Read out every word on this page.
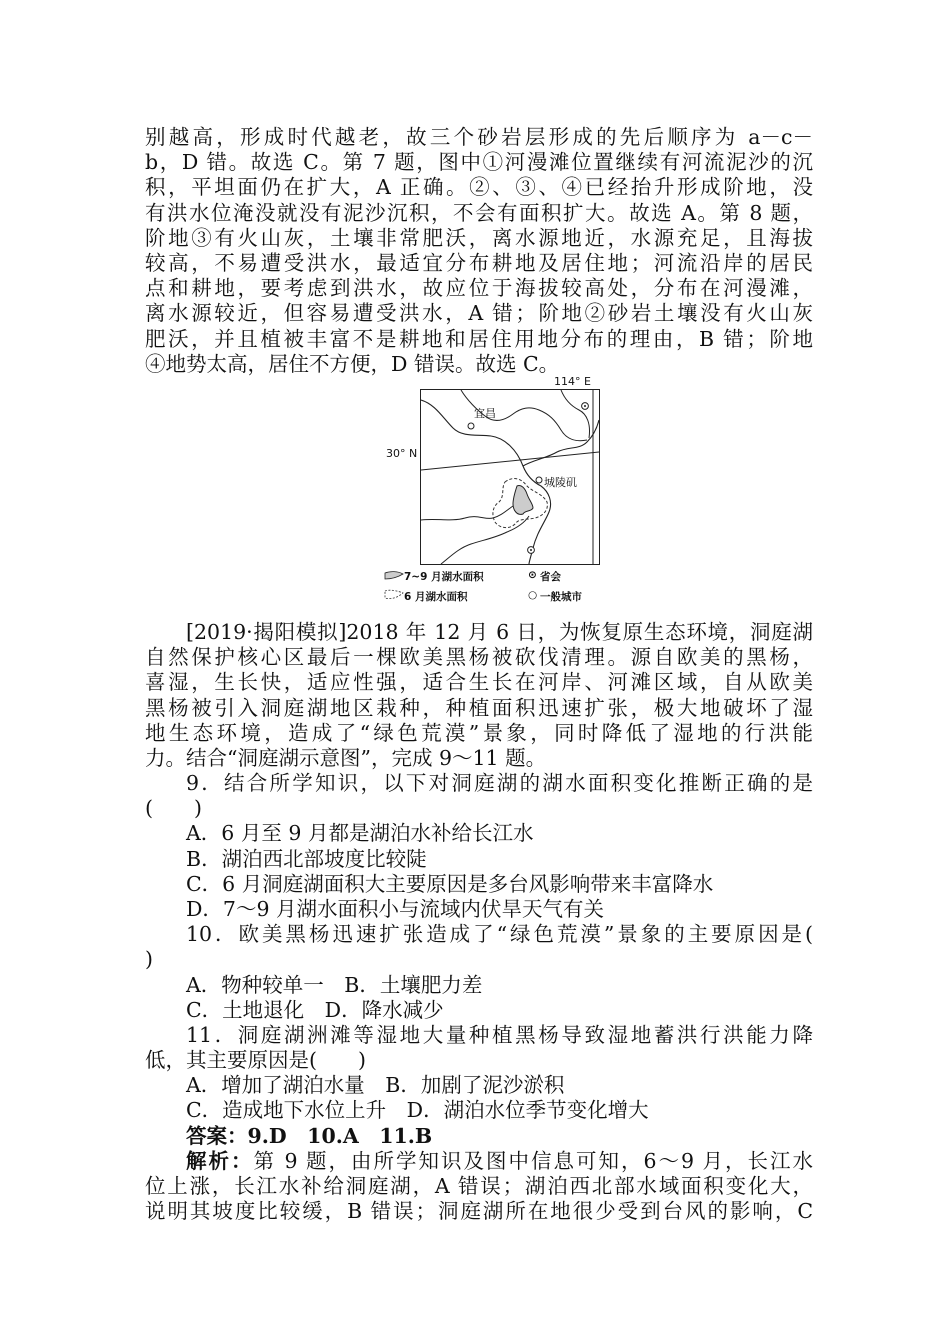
别越高，形成时代越老，故三个砂岩层形成的先后顺序为 a－c－
b，D 错。故选 C。第 7 题，图中①河漫滩位置继续有河流泥沙的沉
积，平坦面仍在扩大，A 正确。②、③、④已经抬升形成阶地，没
有洪水位淹没就没有泥沙沉积，不会有面积扩大。故选 A。第 8 题，
阶地③有火山灰，土壤非常肥沃，离水源地近，水源充足，且海拔
较高，不易遭受洪水，最适宜分布耕地及居住地；河流沿岸的居民
点和耕地，要考虑到洪水，故应位于海拔较高处，分布在河漫滩，
离水源较近，但容易遭受洪水，A 错；阶地②砂岩土壤没有火山灰
肥沃，并且植被丰富不是耕地和居住用地分布的理由，B 错；阶地
④地势太高，居住不方便，D 错误。故选 C。
114° E
30° N
宜昌
城陵矶
7~9 月湖水面积
6 月湖水面积
⊙ 省会
○ 一般城市
[2019·揭阳模拟]2018 年 12 月 6 日，为恢复原生态环境，洞庭湖
自然保护核心区最后一棵欧美黑杨被砍伐清理。源自欧美的黑杨，
喜湿，生长快，适应性强，适合生长在河岸、河滩区域，自从欧美
黑杨被引入洞庭湖地区栽种，种植面积迅速扩张，极大地破坏了湿
地生态环境，造成了“绿色荒漠”景象，同时降低了湿地的行洪能
力。结合“洞庭湖示意图”，完成 9～11 题。
9．结合所学知识，以下对洞庭湖的湖水面积变化推断正确的是
(　　)
A．6 月至 9 月都是湖泊水补给长江水
B．湖泊西北部坡度比较陡
C．6 月洞庭湖面积大主要原因是多台风影响带来丰富降水
D．7～9 月湖水面积小与流域内伏旱天气有关
10．欧美黑杨迅速扩张造成了“绿色荒漠”景象的主要原因是(
)
A．物种较单一　B．土壤肥力差
C．土地退化　D．降水减少
11．洞庭湖洲滩等湿地大量种植黑杨导致湿地蓄洪行洪能力降
低，其主要原因是(　　)
A．增加了湖泊水量　B．加剧了泥沙淤积
C．造成地下水位上升　D．湖泊水位季节变化增大
答案：9.D　10.A　11.B
解析：第 9 题，由所学知识及图中信息可知，6～9 月，长江水
位上涨，长江水补给洞庭湖，A 错误；湖泊西北部水域面积变化大，
说明其坡度比较缓，B 错误；洞庭湖所在地很少受到台风的影响，C
